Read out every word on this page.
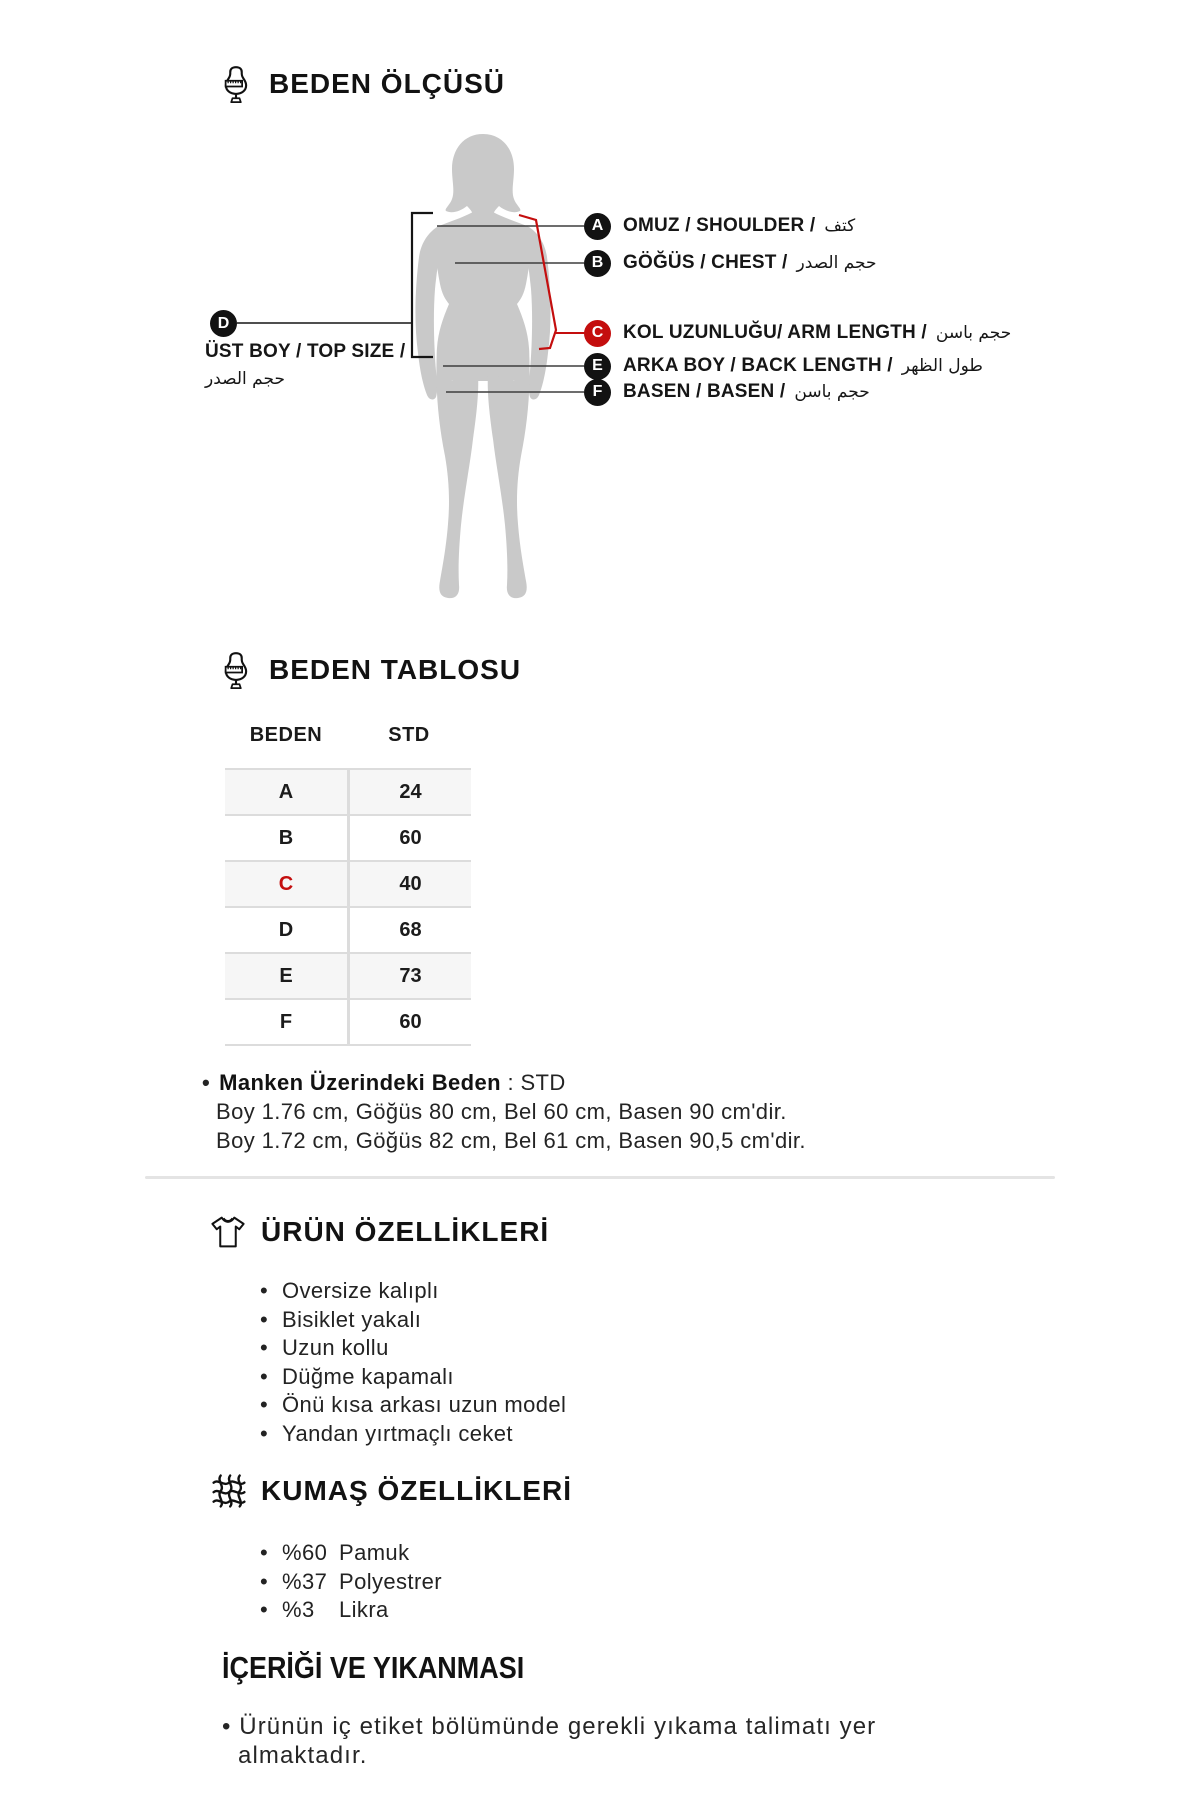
BEDEN ÖLÇÜSÜ
A	OMUZ / SHOULDER / كتف
B	GÖĞÜS / CHEST / حجم الصدر
C	KOL UZUNLUĞU/ ARM LENGTH / حجم باسن
E	ARKA BOY / BACK LENGTH / طول الظهر
F	BASEN / BASEN / حجم باسن
D
ÜST BOY / TOP SIZE /
حجم الصدر
BEDEN TABLOSU
BEDEN	STD
A	24
B	60
C	40
D	68
E	73
F	60
• Manken Üzerindeki Beden : STD
Boy 1.76 cm, Göğüs 80 cm, Bel 60 cm, Basen 90 cm'dir.
Boy 1.72 cm, Göğüs 82 cm, Bel 61 cm, Basen 90,5 cm'dir.
ÜRÜN ÖZELLİKLERİ
• Oversize kalıplı
• Bisiklet yakalı
• Uzun kollu
• Düğme kapamalı
• Önü kısa arkası uzun model
• Yandan yırtmaçlı ceket
KUMAŞ ÖZELLİKLERİ
• %60 Pamuk
• %37 Polyestrer
• %3 Likra
İÇERİĞİ VE YIKANMASI
• Ürünün iç etiket bölümünde gerekli yıkama talimatı yer almaktadır.
